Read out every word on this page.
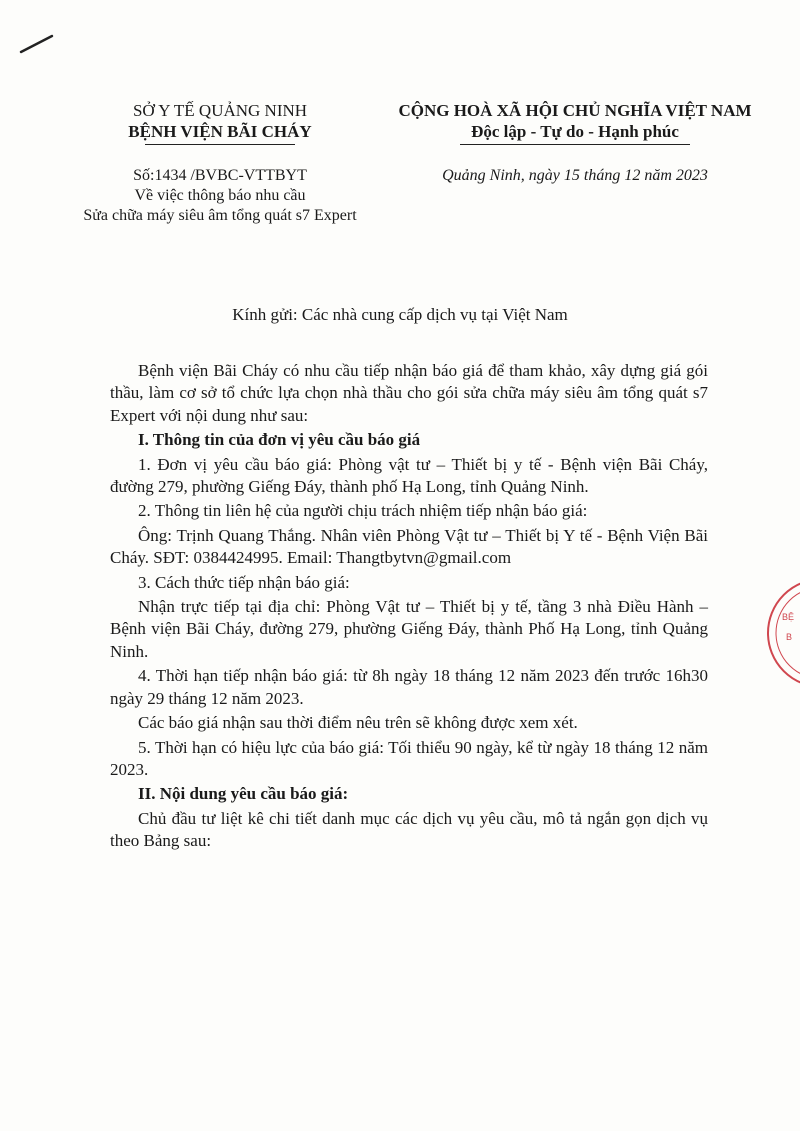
SỞ Y TẾ QUẢNG NINH
BỆNH VIỆN BÃI CHÁY
CỘNG HOÀ XÃ HỘI CHỦ NGHĨA VIỆT NAM
Độc lập - Tự do - Hạnh phúc
Số:1434 /BVBC-VTTBYT
Về việc thông báo nhu cầu
Sửa chữa máy siêu âm tổng quát s7 Expert
Quảng Ninh, ngày 15 tháng 12 năm 2023
Kính gửi: Các nhà cung cấp dịch vụ tại Việt Nam

Bệnh viện Bãi Cháy có nhu cầu tiếp nhận báo giá để tham khảo, xây dựng giá gói thầu, làm cơ sở tổ chức lựa chọn nhà thầu cho gói sửa chữa máy siêu âm tổng quát s7 Expert với nội dung như sau:

I. Thông tin của đơn vị yêu cầu báo giá

1. Đơn vị yêu cầu báo giá: Phòng vật tư – Thiết bị y tế - Bệnh viện Bãi Cháy, đường 279, phường Giếng Đáy, thành phố Hạ Long, tỉnh Quảng Ninh.

2. Thông tin liên hệ của người chịu trách nhiệm tiếp nhận báo giá:

Ông: Trịnh Quang Thắng. Nhân viên Phòng Vật tư – Thiết bị Y tế - Bệnh Viện Bãi Cháy. SĐT: 0384424995. Email: Thangtbytvn@gmail.com

3. Cách thức tiếp nhận báo giá:

Nhận trực tiếp tại địa chỉ: Phòng Vật tư – Thiết bị y tế, tầng 3 nhà Điều Hành – Bệnh viện Bãi Cháy, đường 279, phường Giếng Đáy, thành Phố Hạ Long, tỉnh Quảng Ninh.

4. Thời hạn tiếp nhận báo giá: từ 8h ngày 18 tháng 12 năm 2023 đến trước 16h30 ngày 29 tháng 12 năm 2023.

Các báo giá nhận sau thời điểm nêu trên sẽ không được xem xét.

5. Thời hạn có hiệu lực của báo giá: Tối thiểu 90 ngày, kể từ ngày 18 tháng 12 năm 2023.

II. Nội dung yêu cầu báo giá:

Chủ đầu tư liệt kê chi tiết danh mục các dịch vụ yêu cầu, mô tả ngắn gọn dịch vụ theo Bảng sau:

BỆ
B
